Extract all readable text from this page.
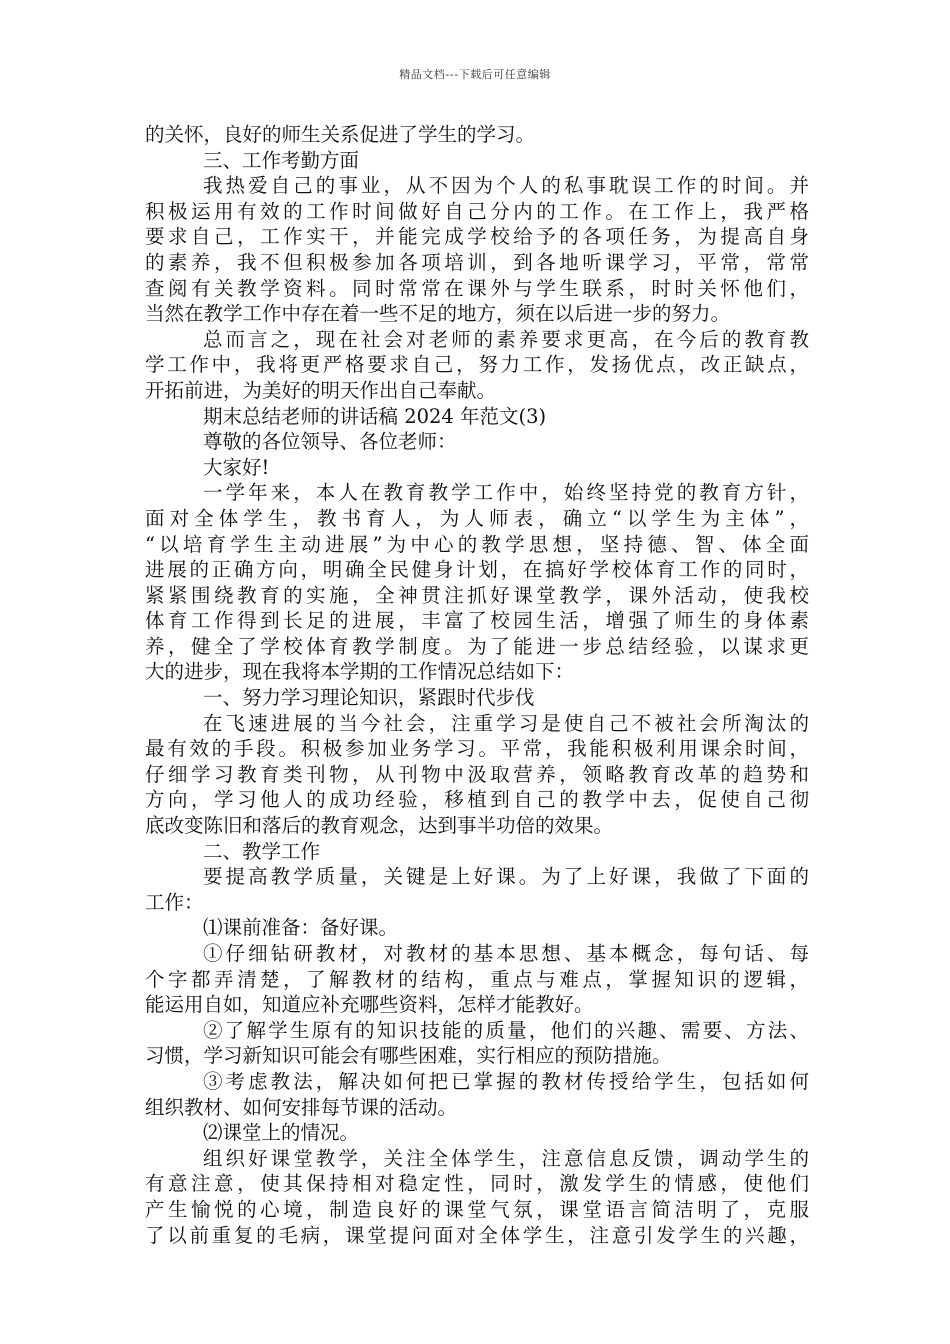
精品文档---下载后可任意编辑
的关怀，良好的师生关系促进了学生的学习。
三、工作考勤方面
我热爱自己的事业，从不因为个人的私事耽误工作的时间。并
积极运用有效的工作时间做好自己分内的工作。在工作上，我严格
要求自己，工作实干，并能完成学校给予的各项任务，为提高自身
的素养，我不但积极参加各项培训，到各地听课学习，平常，常常
查阅有关教学资料。同时常常在课外与学生联系，时时关怀他们，
当然在教学工作中存在着一些不足的地方，须在以后进一步的努力。
总而言之，现在社会对老师的素养要求更高，在今后的教育教
学工作中，我将更严格要求自己，努力工作，发扬优点，改正缺点，
开拓前进，为美好的明天作出自己奉献。
期末总结老师的讲话稿 2024 年范文(3)
尊敬的各位领导、各位老师：
大家好!
一学年来，本人在教育教学工作中，始终坚持党的教育方针，
面对全体学生，教书育人，为人师表，确立“以学生为主体”，
“以培育学生主动进展”为中心的教学思想，坚持德、智、体全面
进展的正确方向，明确全民健身计划，在搞好学校体育工作的同时，
紧紧围绕教育的实施，全神贯注抓好课堂教学，课外活动，使我校
体育工作得到长足的进展，丰富了校园生活，增强了师生的身体素
养，健全了学校体育教学制度。为了能进一步总结经验，以谋求更
大的进步，现在我将本学期的工作情况总结如下：
一、努力学习理论知识，紧跟时代步伐
在飞速进展的当今社会，注重学习是使自己不被社会所淘汰的
最有效的手段。积极参加业务学习。平常，我能积极利用课余时间，
仔细学习教育类刊物，从刊物中汲取营养，领略教育改革的趋势和
方向，学习他人的成功经验，移植到自己的教学中去，促使自己彻
底改变陈旧和落后的教育观念，达到事半功倍的效果。
二、教学工作
要提高教学质量，关键是上好课。为了上好课，我做了下面的
工作：
⑴课前准备：备好课。
①仔细钻研教材，对教材的基本思想、基本概念，每句话、每
个字都弄清楚，了解教材的结构，重点与难点，掌握知识的逻辑，
能运用自如，知道应补充哪些资料，怎样才能教好。
②了解学生原有的知识技能的质量，他们的兴趣、需要、方法、
习惯，学习新知识可能会有哪些困难，实行相应的预防措施。
③考虑教法，解决如何把已掌握的教材传授给学生，包括如何
组织教材、如何安排每节课的活动。
⑵课堂上的情况。
组织好课堂教学，关注全体学生，注意信息反馈，调动学生的
有意注意，使其保持相对稳定性，同时，激发学生的情感，使他们
产生愉悦的心境，制造良好的课堂气氛，课堂语言简洁明了，克服
了以前重复的毛病，课堂提问面对全体学生，注意引发学生的兴趣，
